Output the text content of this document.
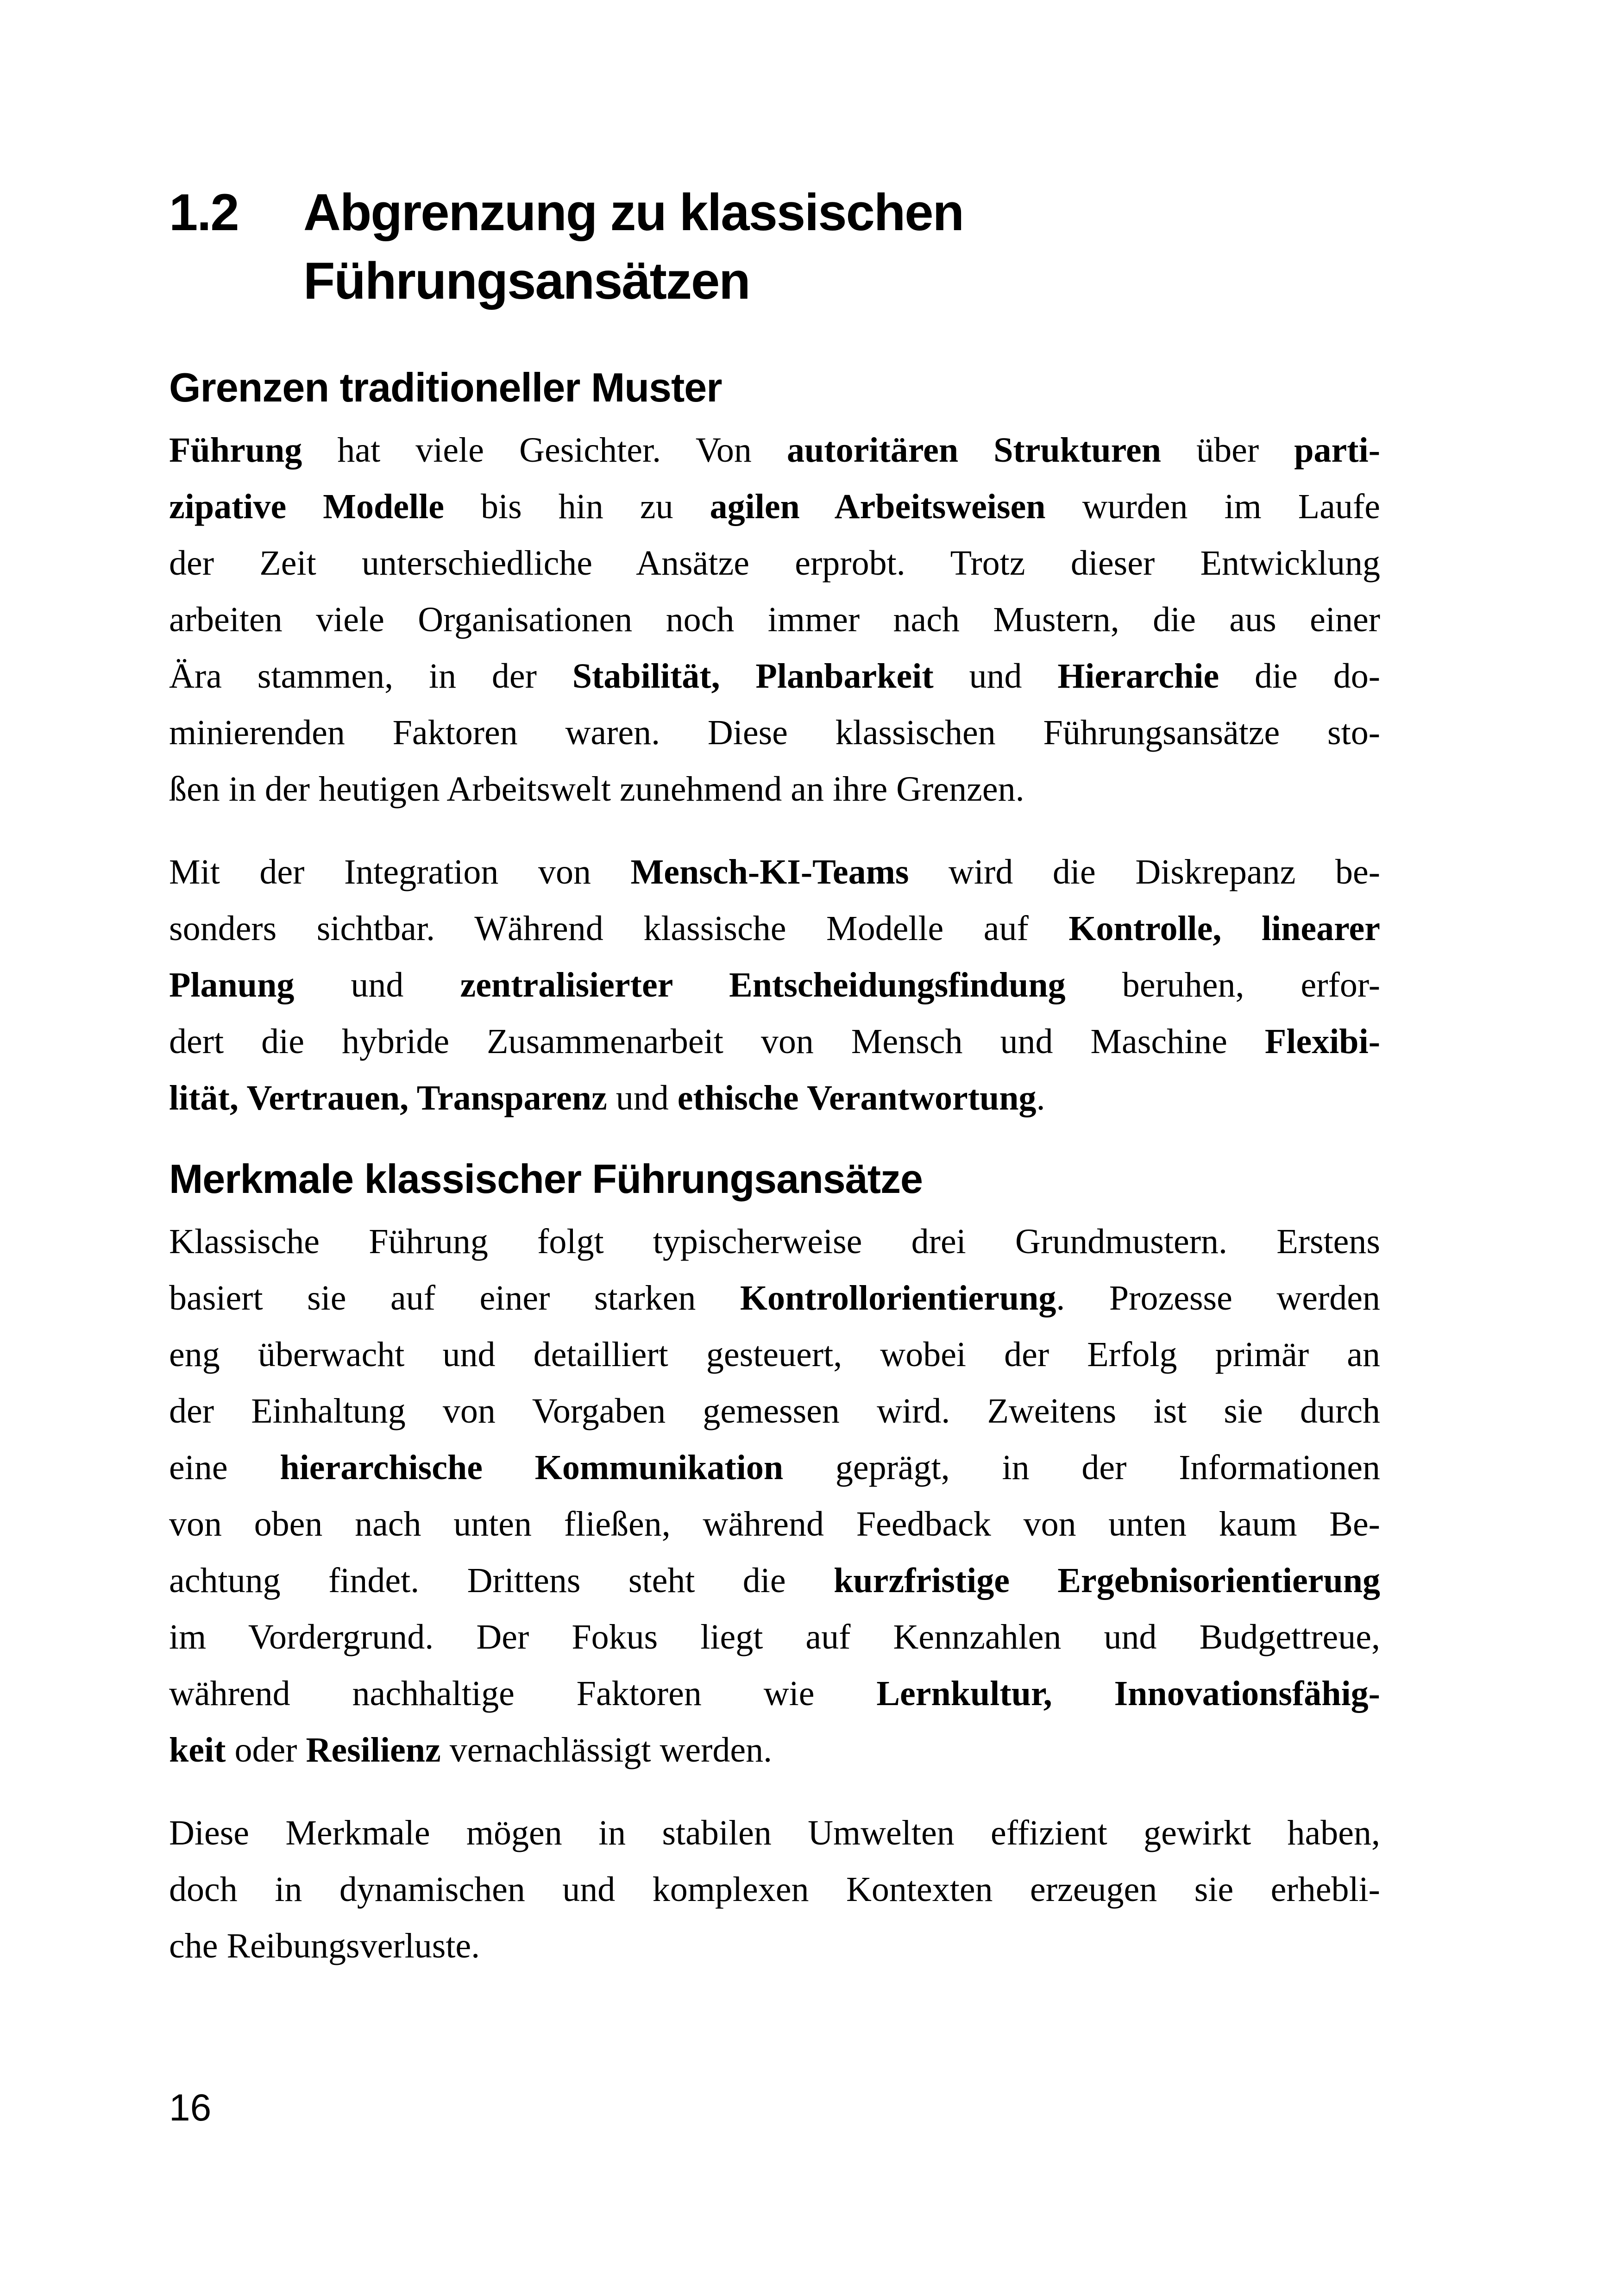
1.2	Abgrenzung zu klassischen
Führungsansätzen
Grenzen traditioneller Muster
Führung hat viele Gesichter. Von autoritären Strukturen über parti-
zipative Modelle bis hin zu agilen Arbeitsweisen wurden im Laufe
der Zeit unterschiedliche Ansätze erprobt. Trotz dieser Entwicklung
arbeiten viele Organisationen noch immer nach Mustern, die aus einer
Ära stammen, in der Stabilität, Planbarkeit und Hierarchie die do-
minierenden Faktoren waren. Diese klassischen Führungsansätze sto-
ßen in der heutigen Arbeitswelt zunehmend an ihre Grenzen.
Mit der Integration von Mensch-KI-Teams wird die Diskrepanz be-
sonders sichtbar. Während klassische Modelle auf Kontrolle, linearer
Planung und zentralisierter Entscheidungsfindung beruhen, erfor-
dert die hybride Zusammenarbeit von Mensch und Maschine Flexibi-
lität, Vertrauen, Transparenz und ethische Verantwortung.
Merkmale klassischer Führungsansätze
Klassische Führung folgt typischerweise drei Grundmustern. Erstens
basiert sie auf einer starken Kontrollorientierung. Prozesse werden
eng überwacht und detailliert gesteuert, wobei der Erfolg primär an
der Einhaltung von Vorgaben gemessen wird. Zweitens ist sie durch
eine hierarchische Kommunikation geprägt, in der Informationen
von oben nach unten fließen, während Feedback von unten kaum Be-
achtung findet. Drittens steht die kurzfristige Ergebnisorientierung
im Vordergrund. Der Fokus liegt auf Kennzahlen und Budgettreue,
während nachhaltige Faktoren wie Lernkultur, Innovationsfähig-
keit oder Resilienz vernachlässigt werden.
Diese Merkmale mögen in stabilen Umwelten effizient gewirkt haben,
doch in dynamischen und komplexen Kontexten erzeugen sie erhebli-
che Reibungsverluste.
16
